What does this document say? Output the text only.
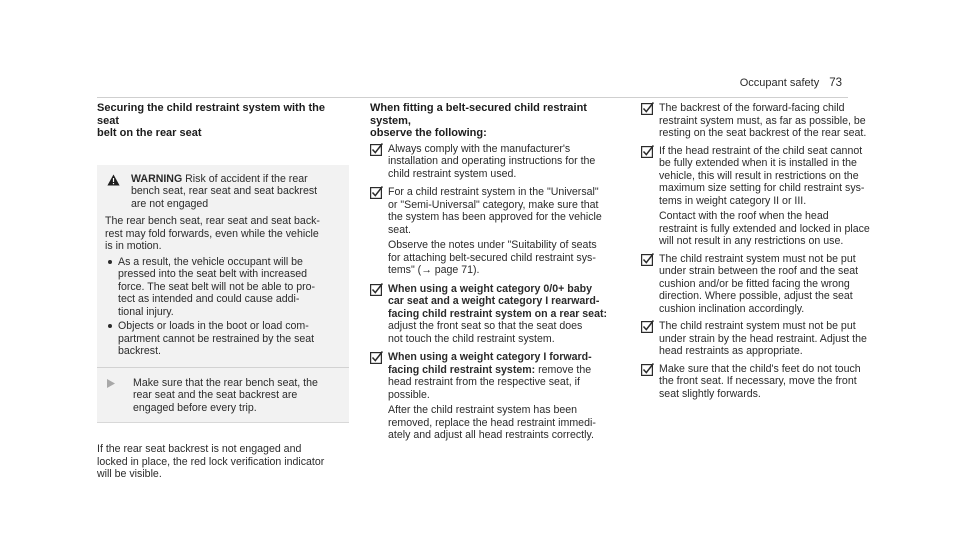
Occupant safety 73
Securing the child restraint system with the seat
belt on the rear seat

WARNING Risk of accident if the rear

bench seat, rear seat and seat backrest

are not engaged

The rear bench seat, rear seat and seat back-

rest may fold forwards, even while the vehicle

is in motion.

As a result, the vehicle occupant will be
pressed into the seat belt with increased
force. The seat belt will not be able to pro-
tect as intended and could cause addi-
tional injury.
Objects or loads in the boot or load com-
partment cannot be restrained by the seat
backrest.

Make sure that the rear bench seat, the

rear seat and the seat backrest are

engaged before every trip.

If the rear seat backrest is not engaged and

locked in place, the red lock verification indicator

will be visible.

When fitting a belt-secured child restraint system,
observe the following:

Always comply with the manufacturer's

installation and operating instructions for the

child restraint system used.

For a child restraint system in the "Universal"

or "Semi-Universal" category, make sure that

the system has been approved for the vehicle

seat.

Observe the notes under "Suitability of seats

for attaching belt-secured child restraint sys-

tems" (→ page 71).

When using a weight category 0/0+ baby

car seat and a weight category I rearward-

facing child restraint system on a rear seat:

adjust the front seat so that the seat does

not touch the child restraint system.

When using a weight category I forward-

facing child restraint system: remove the

head restraint from the respective seat, if

possible.

After the child restraint system has been

removed, replace the head restraint immedi-

ately and adjust all head restraints correctly.

The backrest of the forward-facing child

restraint system must, as far as possible, be

resting on the seat backrest of the rear seat.

If the head restraint of the child seat cannot

be fully extended when it is installed in the

vehicle, this will result in restrictions on the

maximum size setting for child restraint sys-

tems in weight category II or III.

Contact with the roof when the head

restraint is fully extended and locked in place

will not result in any restrictions on use.

The child restraint system must not be put

under strain between the roof and the seat

cushion and/or be fitted facing the wrong

direction. Where possible, adjust the seat

cushion inclination accordingly.

The child restraint system must not be put

under strain by the head restraint. Adjust the

head restraints as appropriate.

Make sure that the child's feet do not touch

the front seat. If necessary, move the front

seat slightly forwards.
